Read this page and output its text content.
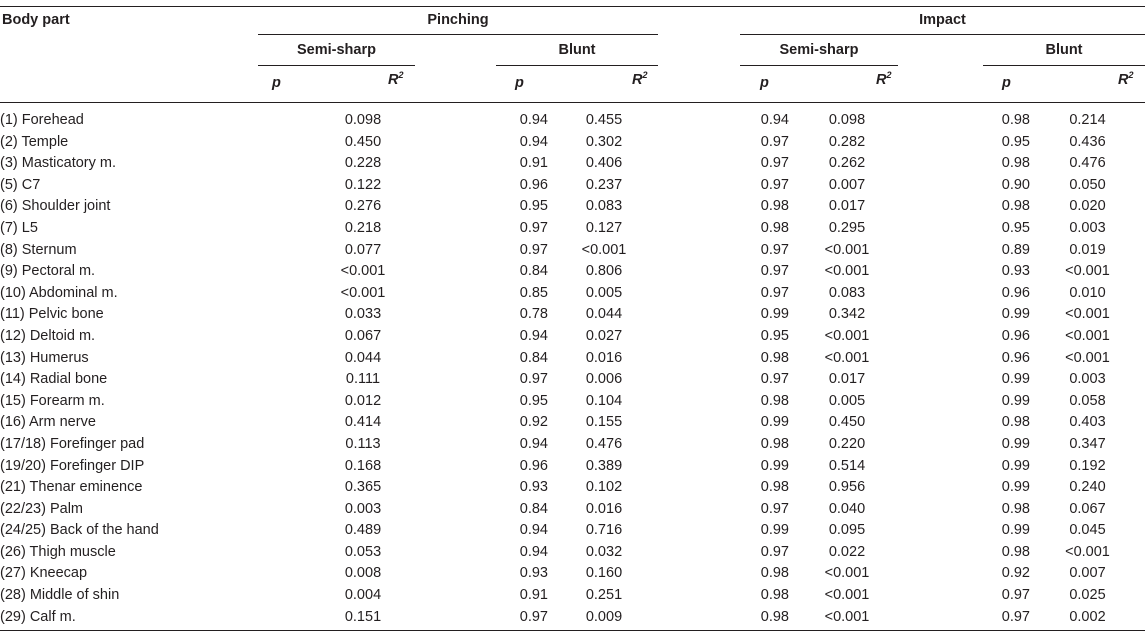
Body part	Pinching	Impact
Semi-sharp	Blunt	Semi-sharp	Blunt
p	$R^2$	p	$R^2$	p	$R^2$	p	$R^2$
(1) Forehead		0.098	0.94	0.455	0.94	0.098	0.98	0.214	
(2) Temple		0.450	0.94	0.302	0.97	0.282	0.95	0.436	
(3) Masticatory m.		0.228	0.91	0.406	0.97	0.262	0.98	0.476	
(5) C7		0.122	0.96	0.237	0.97	0.007	0.90	0.050	
(6) Shoulder joint		0.276	0.95	0.083	0.98	0.017	0.98	0.020	
(7) L5		0.218	0.97	0.127	0.98	0.295	0.95	0.003	
(8) Sternum		0.077	0.97	<0.001	0.97	<0.001	0.89	0.019	
(9) Pectoral m.		<0.001	0.84	0.806	0.97	<0.001	0.93	<0.001	
(10) Abdominal m.		<0.001	0.85	0.005	0.97	0.083	0.96	0.010	
(11) Pelvic bone		0.033	0.78	0.044	0.99	0.342	0.99	<0.001	
(12) Deltoid m.		0.067	0.94	0.027	0.95	<0.001	0.96	<0.001	
(13) Humerus		0.044	0.84	0.016	0.98	<0.001	0.96	<0.001	
(14) Radial bone		0.111	0.97	0.006	0.97	0.017	0.99	0.003	
(15) Forearm m.		0.012	0.95	0.104	0.98	0.005	0.99	0.058	
(16) Arm nerve		0.414	0.92	0.155	0.99	0.450	0.98	0.403	
(17/18) Forefinger pad		0.113	0.94	0.476	0.98	0.220	0.99	0.347	
(19/20) Forefinger DIP		0.168	0.96	0.389	0.99	0.514	0.99	0.192	
(21) Thenar eminence		0.365	0.93	0.102	0.98	0.956	0.99	0.240	
(22/23) Palm		0.003	0.84	0.016	0.97	0.040	0.98	0.067	
(24/25) Back of the hand		0.489	0.94	0.716	0.99	0.095	0.99	0.045	
(26) Thigh muscle		0.053	0.94	0.032	0.97	0.022	0.98	<0.001	
(27) Kneecap		0.008	0.93	0.160	0.98	<0.001	0.92	0.007	
(28) Middle of shin		0.004	0.91	0.251	0.98	<0.001	0.97	0.025	
(29) Calf m.		0.151	0.97	0.009	0.98	<0.001	0.97	0.002	
